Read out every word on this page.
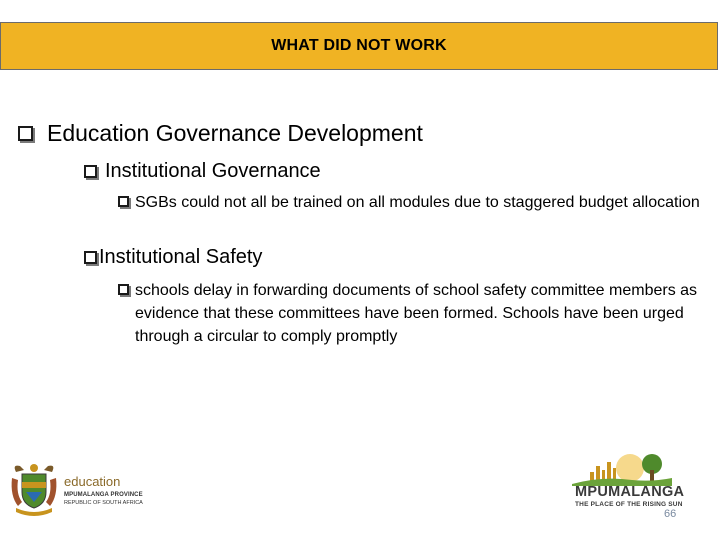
WHAT DID NOT WORK
Education Governance Development
Institutional Governance
SGBs could not all be trained on all modules due to staggered budget allocation
Institutional Safety
schools delay in forwarding documents of school safety committee members as evidence that these committees have been formed. Schools have been urged through a circular to comply promptly
education
MPUMALANGA PROVINCE
REPUBLIC OF SOUTH AFRICA
MPUMALANGA
THE PLACE OF THE RISING SUN
66
